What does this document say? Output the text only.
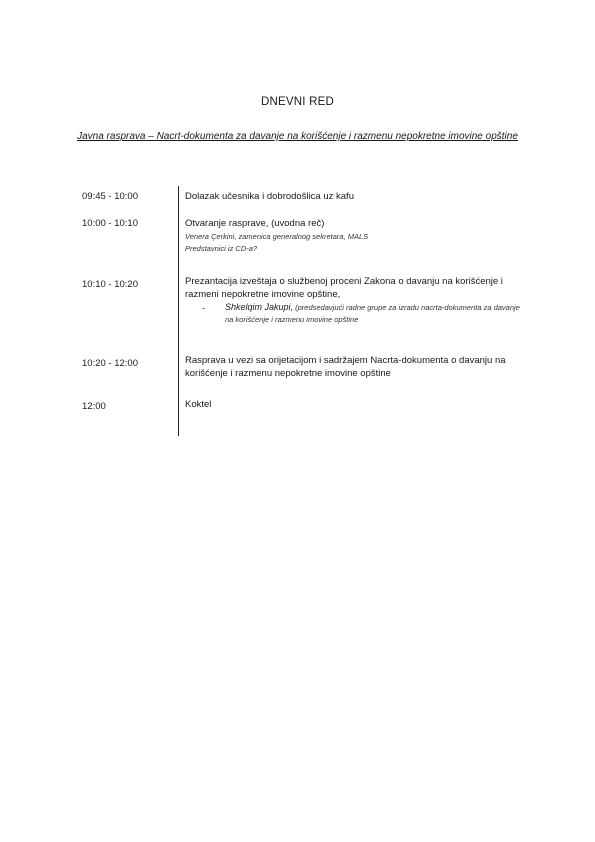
DNEVNI RED
Javna rasprava – Nacrt-dokumenta za davanje na korišćenje i razmenu nepokretne imovine opštine
09:45 - 10:00	Dolazak učesnika i dobrodošlica uz kafu
10:00 - 10:10	Otvaranje rasprave, (uvodna reč)
Venera Çerkini, zamenica generalnog sekretara, MALS
Predstavnici iz CD-a?
10:10 - 10:20	Prezantacija izveštaja o službenoj proceni Zakona o davanju na korišćenje i razmeni nepokretne imovine opštine,
-	Shkelqim Jakupi, (predsedavjući radne grupe za izradu nacrta-dokumenta za davanje na korišćenje i razmenu imovine opštine
10:20 - 12:00	Rasprava u vezi sa orijetacijom i sadržajem Nacrta-dokumenta o davanju na korišćenje i razmenu nepokretne imovine opštine
12:00	Koktel
